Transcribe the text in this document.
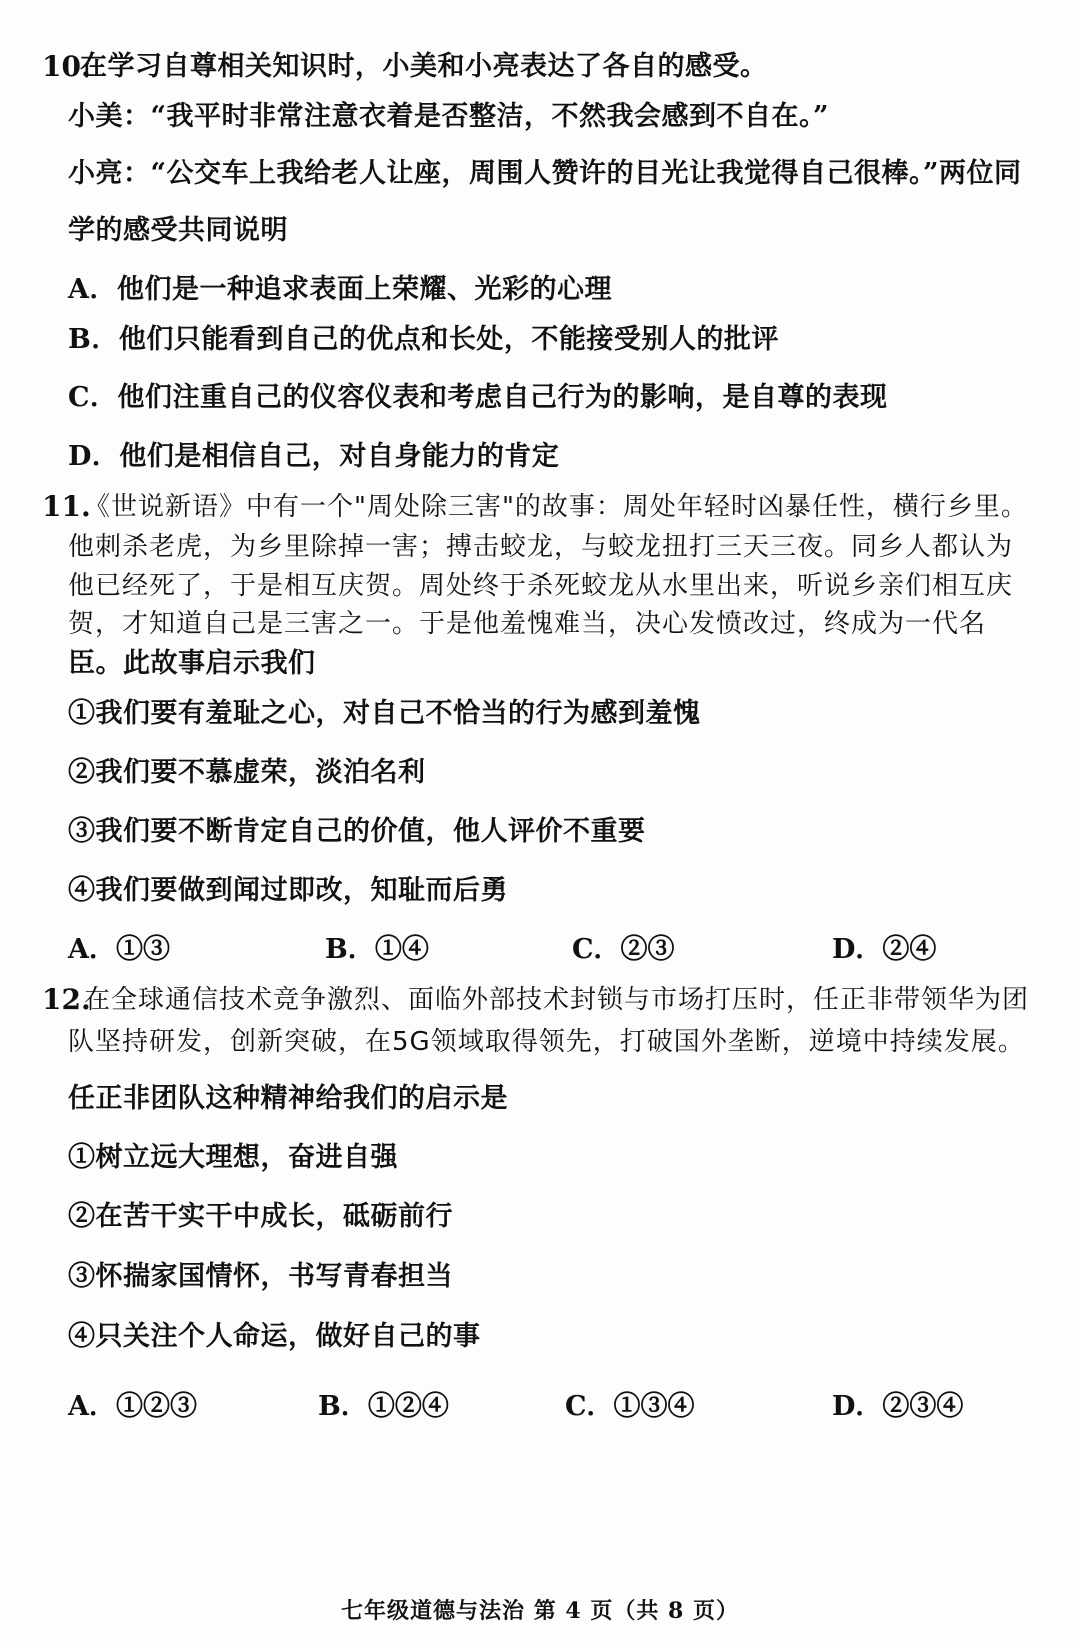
10.
在学习自尊相关知识时，小美和小亮表达了各自的感受。
小美：“我平时非常注意衣着是否整洁，不然我会感到不自在。”
小亮：“公交车上我给老人让座，周围人赞许的目光让我觉得自己很棒。”两位同
学的感受共同说明
A．他们是一种追求表面上荣耀、光彩的心理
B．他们只能看到自己的优点和长处，不能接受别人的批评
C．他们注重自己的仪容仪表和考虑自己行为的影响，是自尊的表现
D．他们是相信自己，对自身能力的肯定
11.
《世说新语》中有一个"周处除三害"的故事：周处年轻时凶暴任性，横行乡里。
他刺杀老虎，为乡里除掉一害；搏击蛟龙，与蛟龙扭打三天三夜。同乡人都认为
他已经死了，于是相互庆贺。周处终于杀死蛟龙从水里出来，听说乡亲们相互庆
贺，才知道自己是三害之一。于是他羞愧难当，决心发愤改过，终成为一代名
臣。此故事启示我们
①我们要有羞耻之心，对自己不恰当的行为感到羞愧
②我们要不慕虚荣，淡泊名利
③我们要不断肯定自己的价值，他人评价不重要
④我们要做到闻过即改，知耻而后勇
A．①③	B．①④	C．②③	D．②④
12.
在全球通信技术竞争激烈、面临外部技术封锁与市场打压时，任正非带领华为团
队坚持研发，创新突破，在5G领域取得领先，打破国外垄断，逆境中持续发展。
任正非团队这种精神给我们的启示是
①树立远大理想，奋进自强
②在苦干实干中成长，砥砺前行
③怀揣家国情怀，书写青春担当
④只关注个人命运，做好自己的事
A．①②③	B．①②④	C．①③④	D．②③④
七年级道德与法治 第 4 页（共 8 页）
